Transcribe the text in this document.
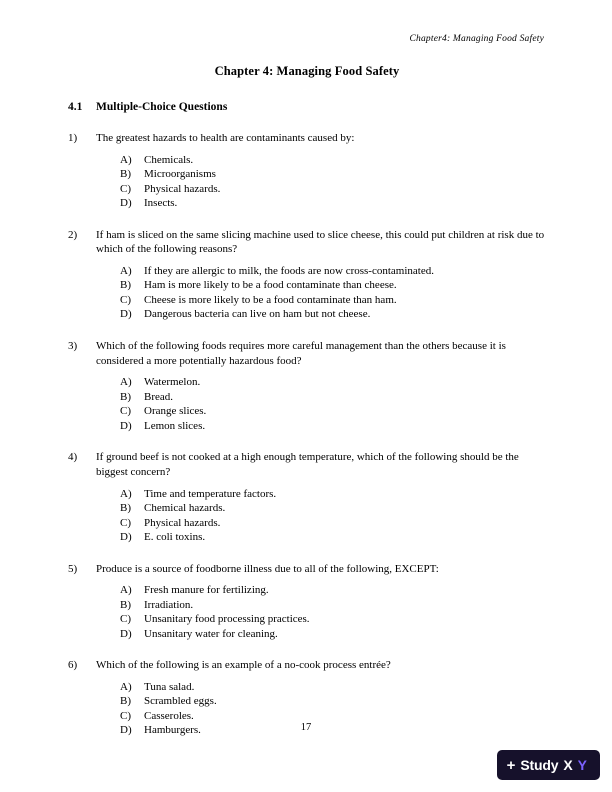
Chapter4: Managing Food Safety
Chapter 4: Managing Food Safety
4.1	Multiple-Choice Questions
1)	The greatest hazards to health are contaminants caused by:
A)	Chemicals.
B)	Microorganisms
C)	Physical hazards.
D)	Insects.
2)	If ham is sliced on the same slicing machine used to slice cheese, this could put children at risk due to which of the following reasons?
A)	If they are allergic to milk, the foods are now cross-contaminated.
B)	Ham is more likely to be a food contaminate than cheese.
C)	Cheese is more likely to be a food contaminate than ham.
D)	Dangerous bacteria can live on ham but not cheese.
3)	Which of the following foods requires more careful management than the others because it is considered a more potentially hazardous food?
A)	Watermelon.
B)	Bread.
C)	Orange slices.
D)	Lemon slices.
4)	If ground beef is not cooked at a high enough temperature, which of the following should be the biggest concern?
A)	Time and temperature factors.
B)	Chemical hazards.
C)	Physical hazards.
D)	E. coli toxins.
5)	Produce is a source of foodborne illness due to all of the following, EXCEPT:
A)	Fresh manure for fertilizing.
B)	Irradiation.
C)	Unsanitary food processing practices.
D)	Unsanitary water for cleaning.
6)	Which of the following is an example of a no-cook process entrée?
A)	Tuna salad.
B)	Scrambled eggs.
C)	Casseroles.
D)	Hamburgers.	17
+ Study X Y
